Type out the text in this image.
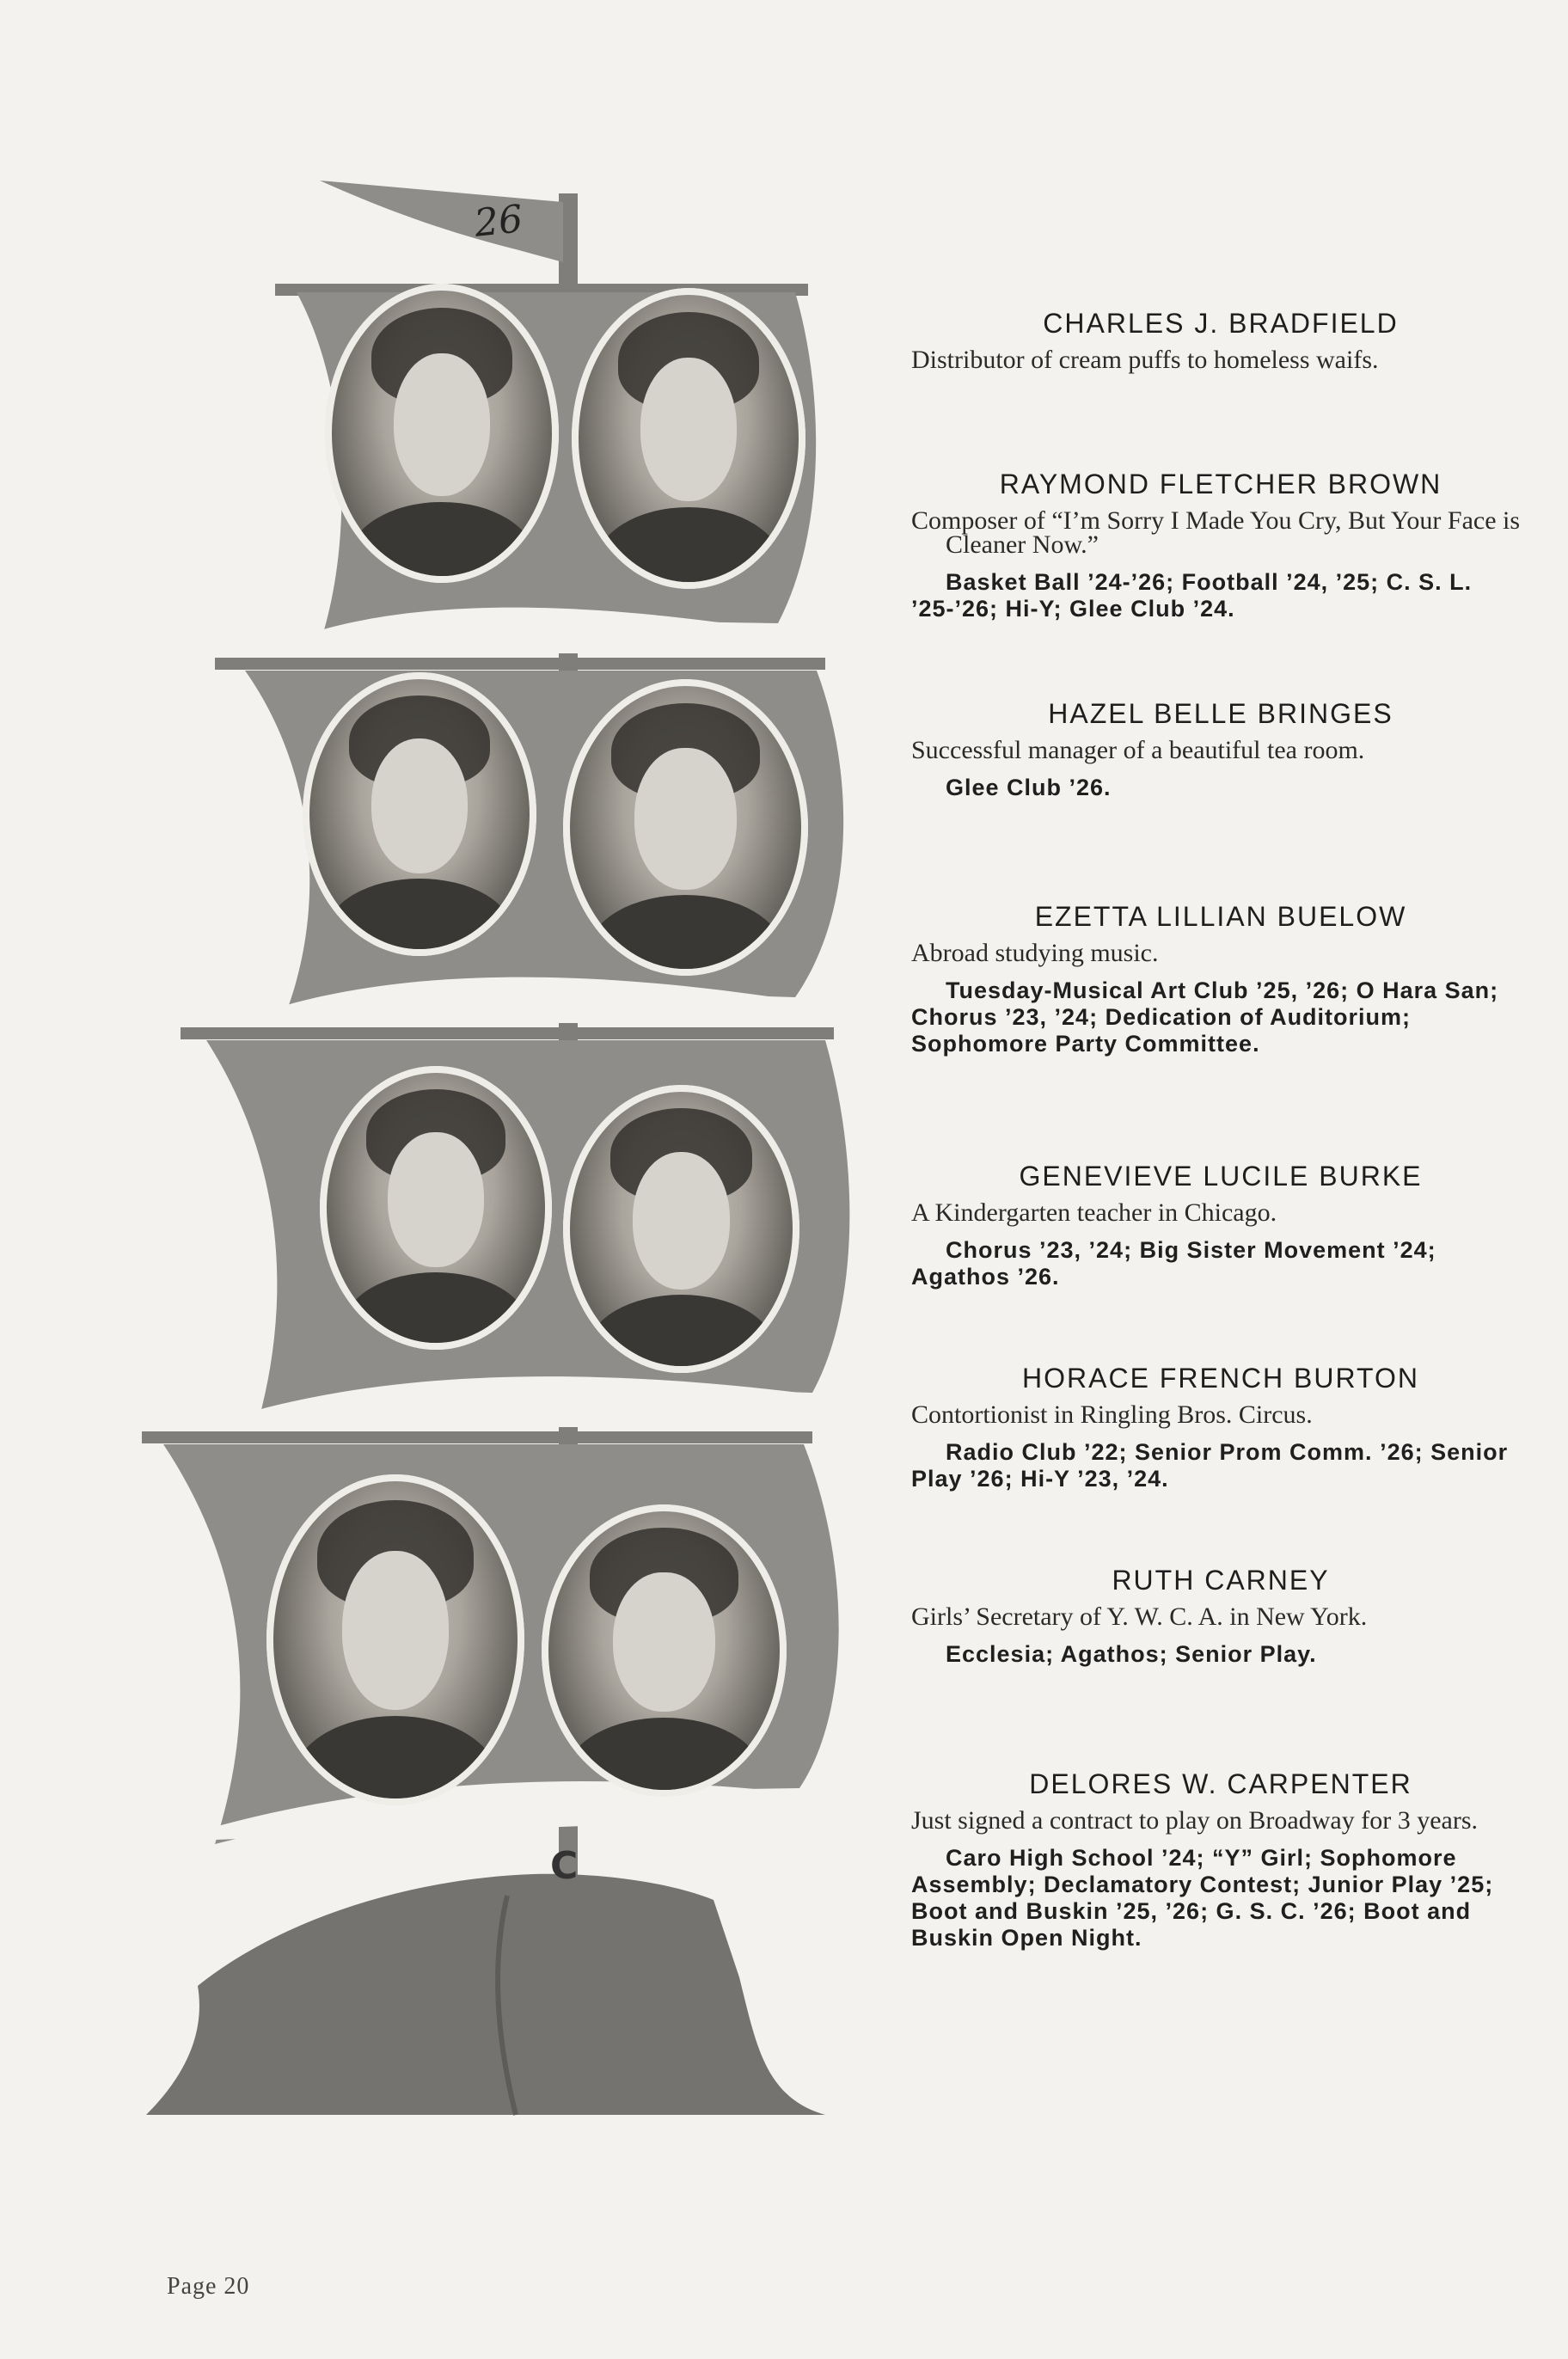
C
26
CHARLES J. BRADFIELD
Distributor of cream puffs to homeless waifs.
RAYMOND FLETCHER BROWN
Composer of “I’m Sorry I Made You Cry, But Your Face is Cleaner Now.”
Basket Ball ’24-’26; Football ’24, ’25; C. S. L. ’25-’26; Hi-Y; Glee Club ’24.
HAZEL BELLE BRINGES
Successful manager of a beautiful tea room.
Glee Club ’26.
EZETTA LILLIAN BUELOW
Abroad studying music.
Tuesday-Musical Art Club ’25, ’26; O Hara San; Chorus ’23, ’24; Dedication of Auditorium; Sophomore Party Committee.
GENEVIEVE LUCILE BURKE
A Kindergarten teacher in Chicago.
Chorus ’23, ’24; Big Sister Movement ’24; Agathos ’26.
HORACE FRENCH BURTON
Contortionist in Ringling Bros. Circus.
Radio Club ’22; Senior Prom Comm. ’26; Senior Play ’26; Hi-Y ’23, ’24.
RUTH CARNEY
Girls’ Secretary of Y. W. C. A. in New York.
Ecclesia; Agathos; Senior Play.
DELORES W. CARPENTER
Just signed a contract to play on Broadway for 3 years.
Caro High School ’24; “Y” Girl; Sophomore Assembly; Declamatory Contest; Junior Play ’25; Boot and Buskin ’25, ’26; G. S. C. ’26; Boot and Buskin Open Night.
Page 20
